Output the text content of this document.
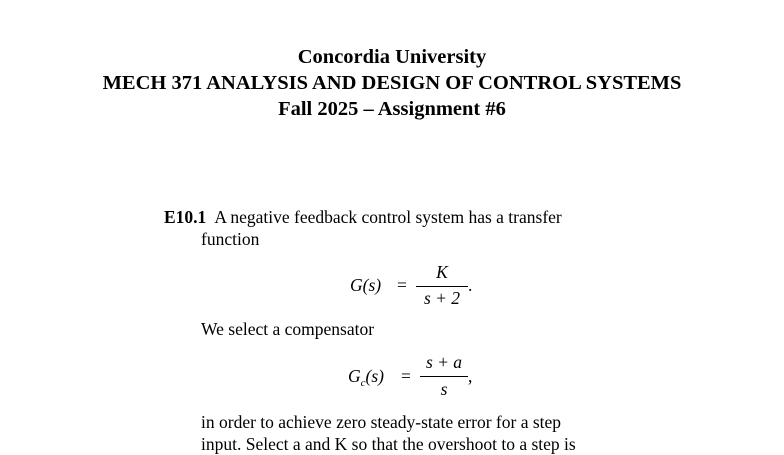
Concordia University
MECH 371 ANALYSIS AND DESIGN OF CONTROL SYSTEMS
Fall 2025 – Assignment #6
E10.1 A negative feedback control system has a transfer
function
G(s) =
K
s + 2
.
We select a compensator
$G_c(s)$ =
s + a
s
,
in order to achieve zero steady-state error for a step
input. Select a and K so that the overshoot to a step is
